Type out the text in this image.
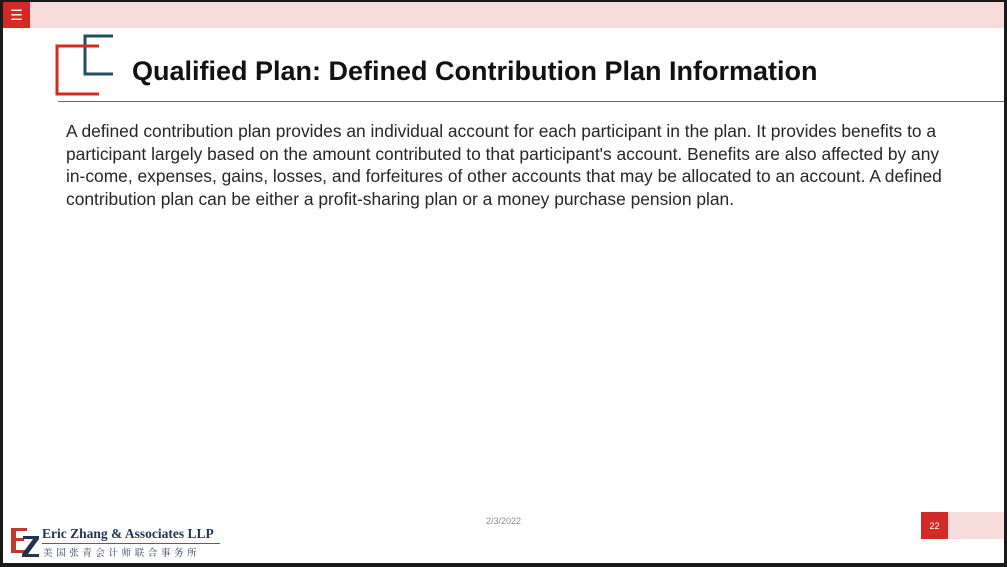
☰
Qualified Plan: Defined Contribution Plan Information

A defined contribution plan provides an individual account for each participant in the plan. It provides benefits to a participant largely based on the amount contributed to that participant's account. Benefits are also affected by any in-come, expenses, gains, losses, and forfeitures of other accounts that may be allocated to an account. A defined contribution plan can be either a profit-sharing plan or a money purchase pension plan.

2/3/2022	22
Eric Zhang & Associates LLP
美国张青会计师联合事务所
